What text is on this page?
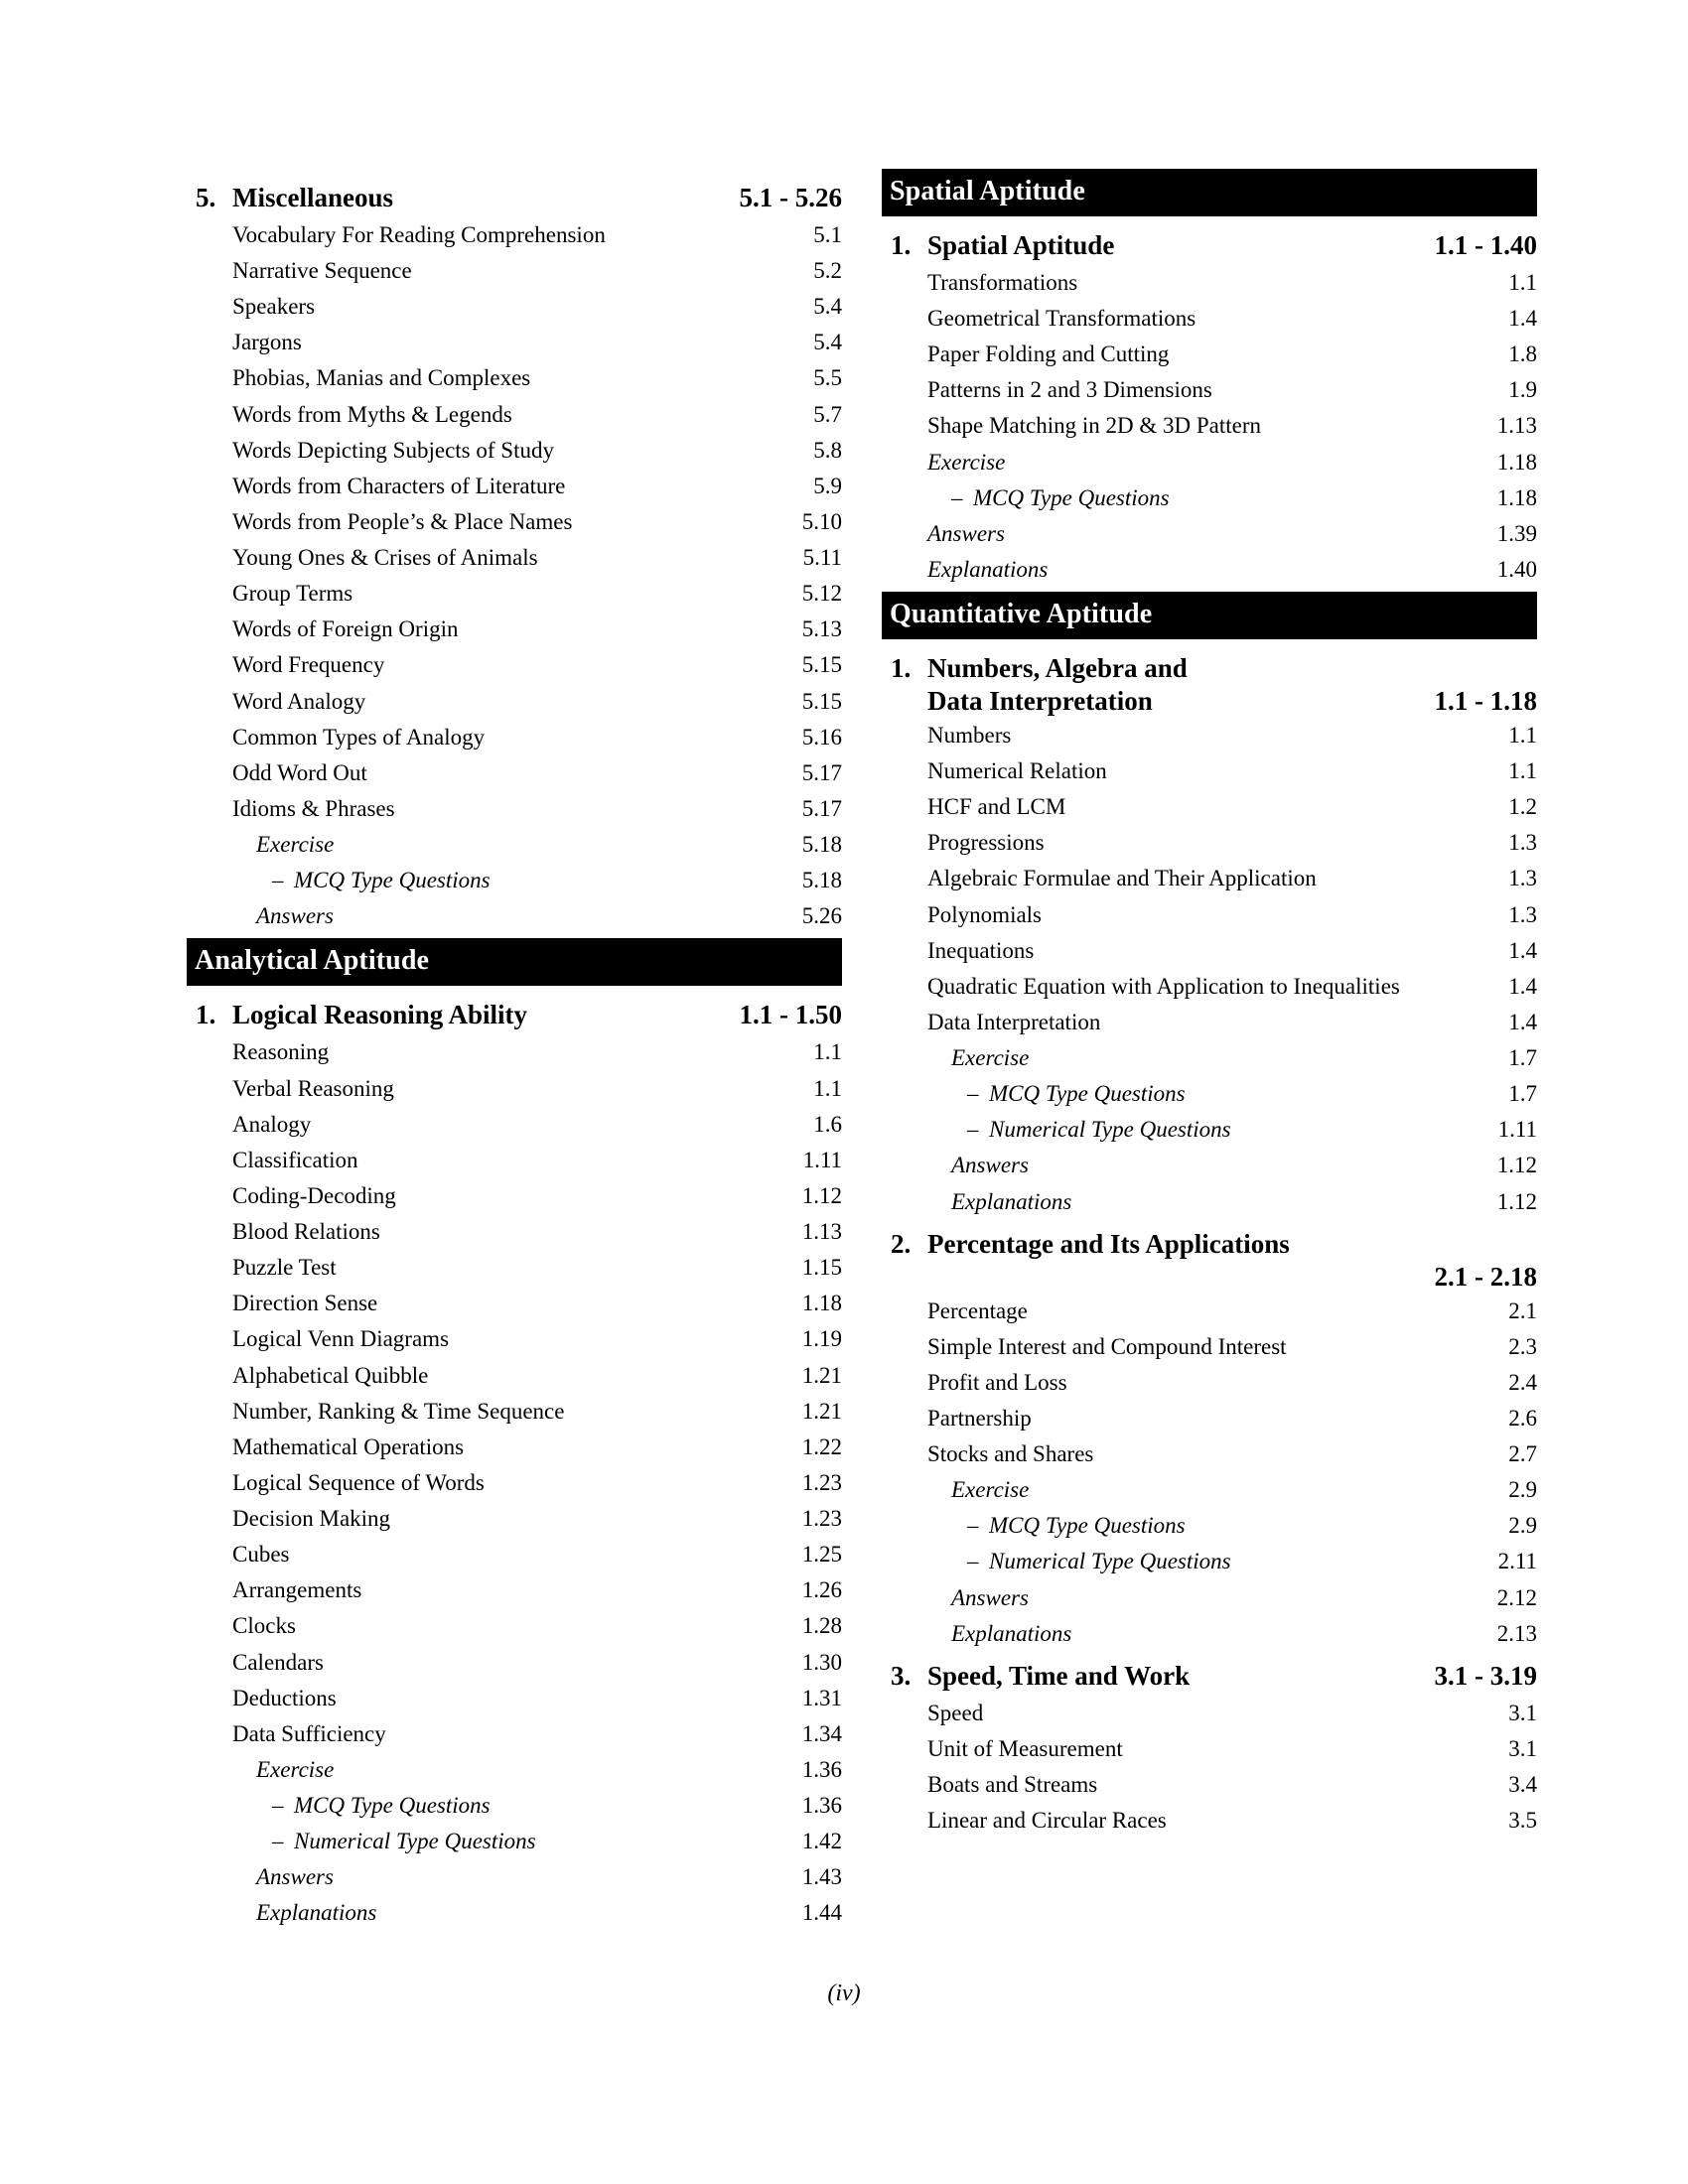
5. Miscellaneous	5.1 - 5.26
Vocabulary For Reading Comprehension	5.1
Narrative Sequence	5.2
Speakers	5.4
Jargons	5.4
Phobias, Manias and Complexes	5.5
Words from Myths & Legends	5.7
Words Depicting Subjects of Study	5.8
Words from Characters of Literature	5.9
Words from People’s & Place Names	5.10
Young Ones & Crises of Animals	5.11
Group Terms	5.12
Words of Foreign Origin	5.13
Word Frequency	5.15
Word Analogy	5.15
Common Types of Analogy	5.16
Odd Word Out	5.17
Idioms & Phrases	5.17
Exercise	5.18
– MCQ Type Questions	5.18
Answers	5.26
Analytical Aptitude
1. Logical Reasoning Ability	1.1 - 1.50
Reasoning	1.1
Verbal Reasoning	1.1
Analogy	1.6
Classification	1.11
Coding-Decoding	1.12
Blood Relations	1.13
Puzzle Test	1.15
Direction Sense	1.18
Logical Venn Diagrams	1.19
Alphabetical Quibble	1.21
Number, Ranking & Time Sequence	1.21
Mathematical Operations	1.22
Logical Sequence of Words	1.23
Decision Making	1.23
Cubes	1.25
Arrangements	1.26
Clocks	1.28
Calendars	1.30
Deductions	1.31
Data Sufficiency	1.34
Exercise	1.36
– MCQ Type Questions	1.36
– Numerical Type Questions	1.42
Answers	1.43
Explanations	1.44
Spatial Aptitude
1. Spatial Aptitude	1.1 - 1.40
Transformations	1.1
Geometrical Transformations	1.4
Paper Folding and Cutting	1.8
Patterns in 2 and 3 Dimensions	1.9
Shape Matching in 2D & 3D Pattern	1.13
Exercise	1.18
– MCQ Type Questions	1.18
Answers	1.39
Explanations	1.40
Quantitative Aptitude
1. Numbers, Algebra and
Data Interpretation	1.1 - 1.18
Numbers	1.1
Numerical Relation	1.1
HCF and LCM	1.2
Progressions	1.3
Algebraic Formulae and Their Application	1.3
Polynomials	1.3
Inequations	1.4
Quadratic Equation with Application to Inequalities	1.4
Data Interpretation	1.4
Exercise	1.7
– MCQ Type Questions	1.7
– Numerical Type Questions	1.11
Answers	1.12
Explanations	1.12
2. Percentage and Its Applications
2.1 - 2.18
Percentage	2.1
Simple Interest and Compound Interest	2.3
Profit and Loss	2.4
Partnership	2.6
Stocks and Shares	2.7
Exercise	2.9
– MCQ Type Questions	2.9
– Numerical Type Questions	2.11
Answers	2.12
Explanations	2.13
3. Speed, Time and Work	3.1 - 3.19
Speed	3.1
Unit of Measurement	3.1
Boats and Streams	3.4
Linear and Circular Races	3.5
(iv)
